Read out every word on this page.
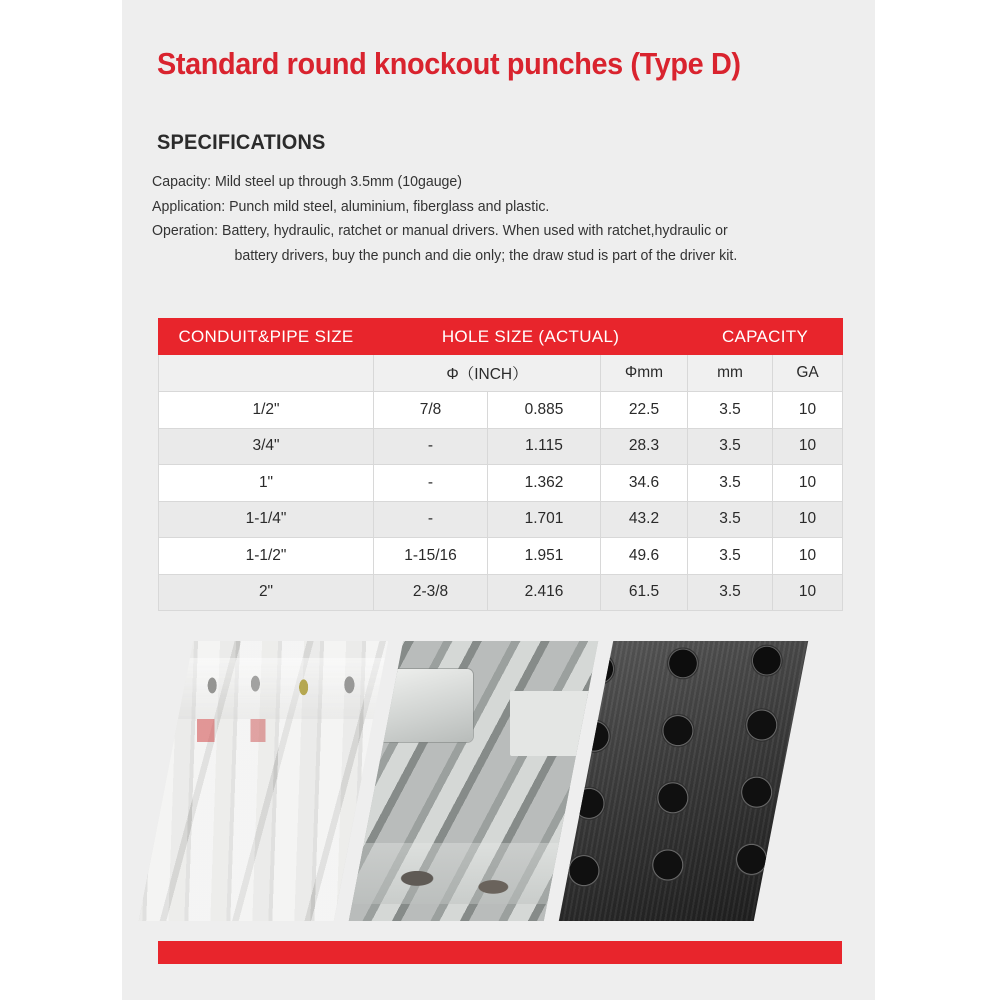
Standard round knockout punches (Type D)
SPECIFICATIONS
Capacity: Mild steel up through 3.5mm (10gauge)
Application: Punch mild steel, aluminium, fiberglass and plastic.
Operation: Battery, hydraulic, ratchet or manual drivers. When used with ratchet,hydraulic or
battery drivers, buy the punch and die only; the draw stud is part of the driver kit.
CONDUIT&PIPE SIZE	HOLE SIZE (ACTUAL)			CAPACITY	
	Φ（INCH）		Φmm	mm	GA
1/2"	7/8	0.885	22.5	3.5	10
3/4"	-	1.115	28.3	3.5	10
1"	-	1.362	34.6	3.5	10
1-1/4"	-	1.701	43.2	3.5	10
1-1/2"	1-15/16	1.951	49.6	3.5	10
2"	2-3/8	2.416	61.5	3.5	10
